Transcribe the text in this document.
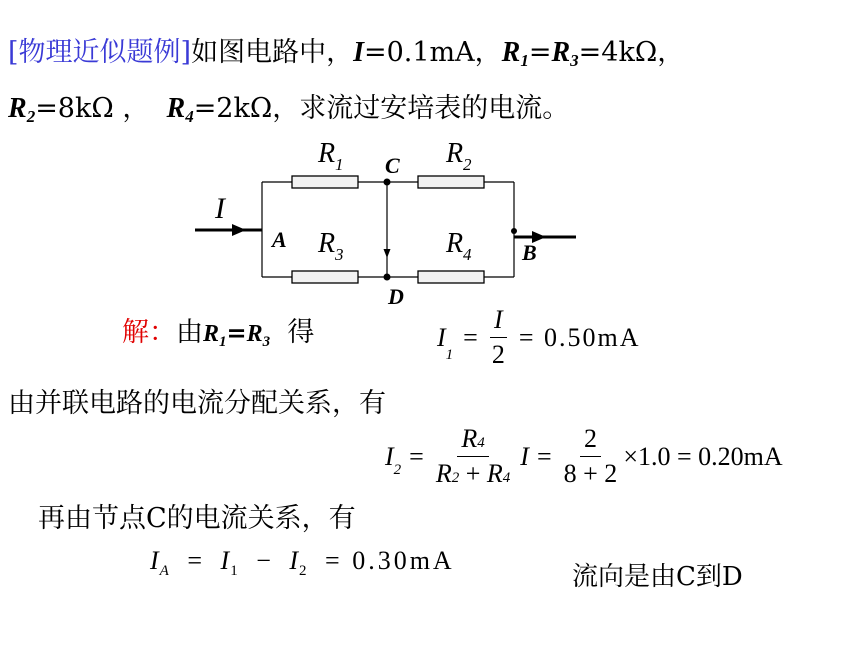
[物理近似题例]如图电路中，I=0.1mA，$R_1=R_3=4k\Omega$，
$R_2=8k\Omega$ ， $R_4=2k\Omega$，求流过安培表的电流。
I
A
B
C
D
R 1	R 2
R 3	R 4
解：由$R_1=R_3$ 得	I
1
= $\frac{I}{2} = 0.50mA$
由并联电路的电流分配关系，有
I $2 = \frac{R4}{R2 + R4}$ $I = \frac{2}{8 + 2} \times 1.0 = 0.20mA$
再由节点C的电流关系，有
$I_A = I_1 - I_2 = 0.30mA$
流向是由C到D
